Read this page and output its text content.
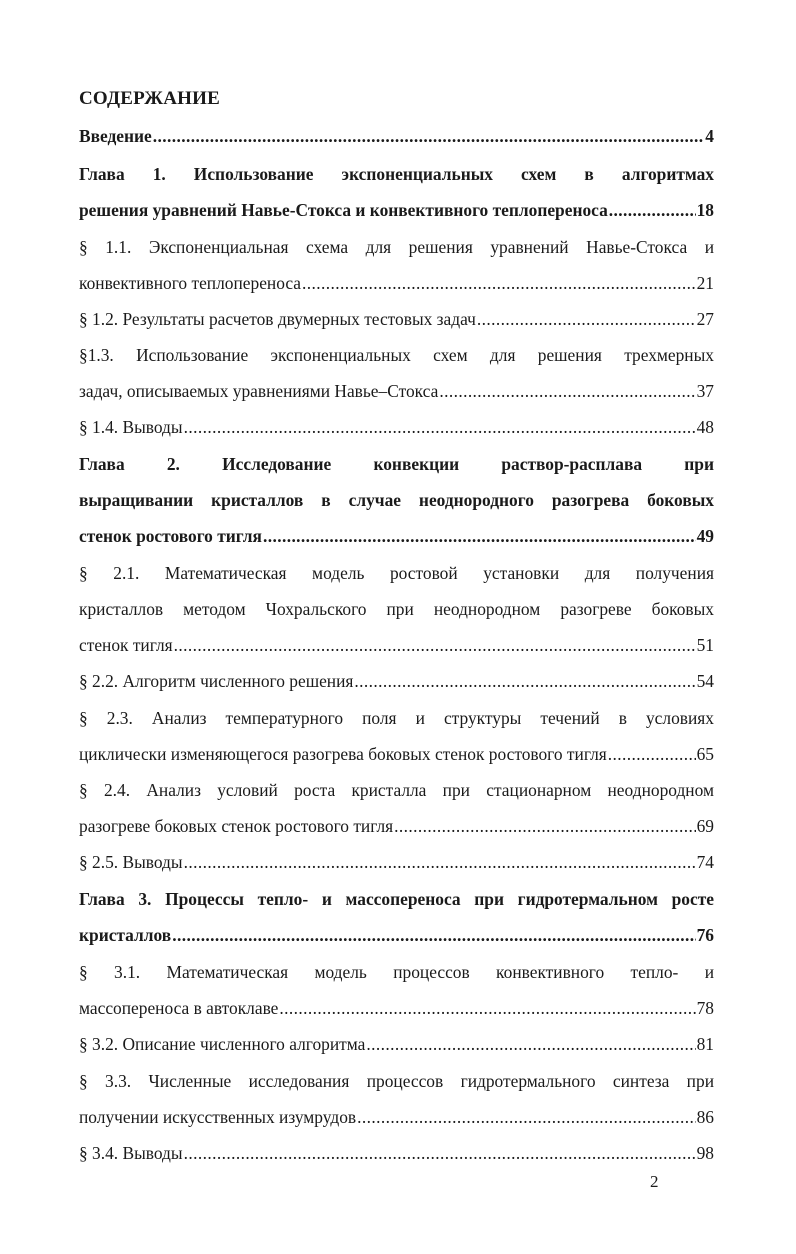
СОДЕРЖАНИЕ
Введение .....	4
Глава 1. Использование экспоненциальных схем в алгоритмах
решения уравнений Навье-Стокса и конвективного теплопереноса .....	18
§ 1.1. Экспоненциальная схема для решения уравнений Навье-Стокса и
конвективного теплопереноса .....	21
§ 1.2. Результаты расчетов двумерных тестовых задач .....	27
§1.3. Использование экспоненциальных схем для решения трехмерных
задач, описываемых уравнениями Навье–Стокса .....	37
§ 1.4. Выводы .....	48
Глава 2. Исследование конвекции раствор-расплава при
выращивании кристаллов в случае неоднородного разогрева боковых
стенок ростового тигля .....	49
§ 2.1. Математическая модель ростовой установки для получения
кристаллов методом Чохральского при неоднородном разогреве боковых
стенок тигля .....	51
§ 2.2. Алгоритм численного решения .....	54
§ 2.3. Анализ температурного поля и структуры течений в условиях
циклически изменяющегося разогрева боковых стенок ростового тигля .....	65
§ 2.4. Анализ условий роста кристалла при стационарном неоднородном
разогреве боковых стенок ростового тигля .....	69
§ 2.5. Выводы .....	74
Глава 3. Процессы тепло- и массопереноса при гидротермальном росте
кристаллов .....	76
§ 3.1. Математическая модель процессов конвективного тепло- и
массопереноса в автоклаве .....	78
§ 3.2. Описание численного алгоритма .....	81
§ 3.3. Численные исследования процессов гидротермального синтеза при
получении искусственных изумрудов .....	86
§ 3.4. Выводы .....	98
2
